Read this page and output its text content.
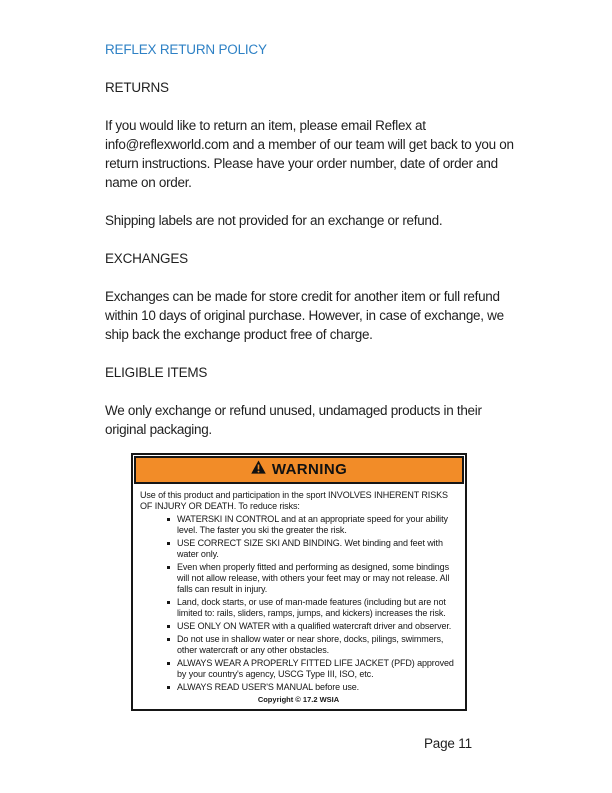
REFLEX RETURN POLICY
RETURNS

If you would like to return an item, please email Reflex at info@reflexworld.com and a member of our team will get back to you on return instructions. Please have your order number, date of order and name on order.

Shipping labels are not provided for an exchange or refund.

EXCHANGES

Exchanges can be made for store credit for another item or full refund within 10 days of original purchase. However, in case of exchange, we ship back the exchange product free of charge.

ELIGIBLE ITEMS

We only exchange or refund unused, undamaged products in their original packaging.

WARNING

Use of this product and participation in the sport INVOLVES INHERENT RISKS OF INJURY OR DEATH. To reduce risks:

WATERSKI IN CONTROL and at an appropriate speed for your ability level. The faster you ski the greater the risk.
USE CORRECT SIZE SKI AND BINDING. Wet binding and feet with water only.
Even when properly fitted and performing as designed, some bindings will not allow release, with others your feet may or may not release. All falls can result in injury.
Land, dock starts, or use of man-made features (including but are not limited to: rails, sliders, ramps, jumps, and kickers) increases the risk.
USE ONLY ON WATER with a qualified watercraft driver and observer.
Do not use in shallow water or near shore, docks, pilings, swimmers, other watercraft or any other obstacles.
ALWAYS WEAR A PROPERLY FITTED LIFE JACKET (PFD) approved by your country's agency, USCG Type III, ISO, etc.
ALWAYS READ USER'S MANUAL before use.
Copyright © 17.2 WSIA
Page 11
